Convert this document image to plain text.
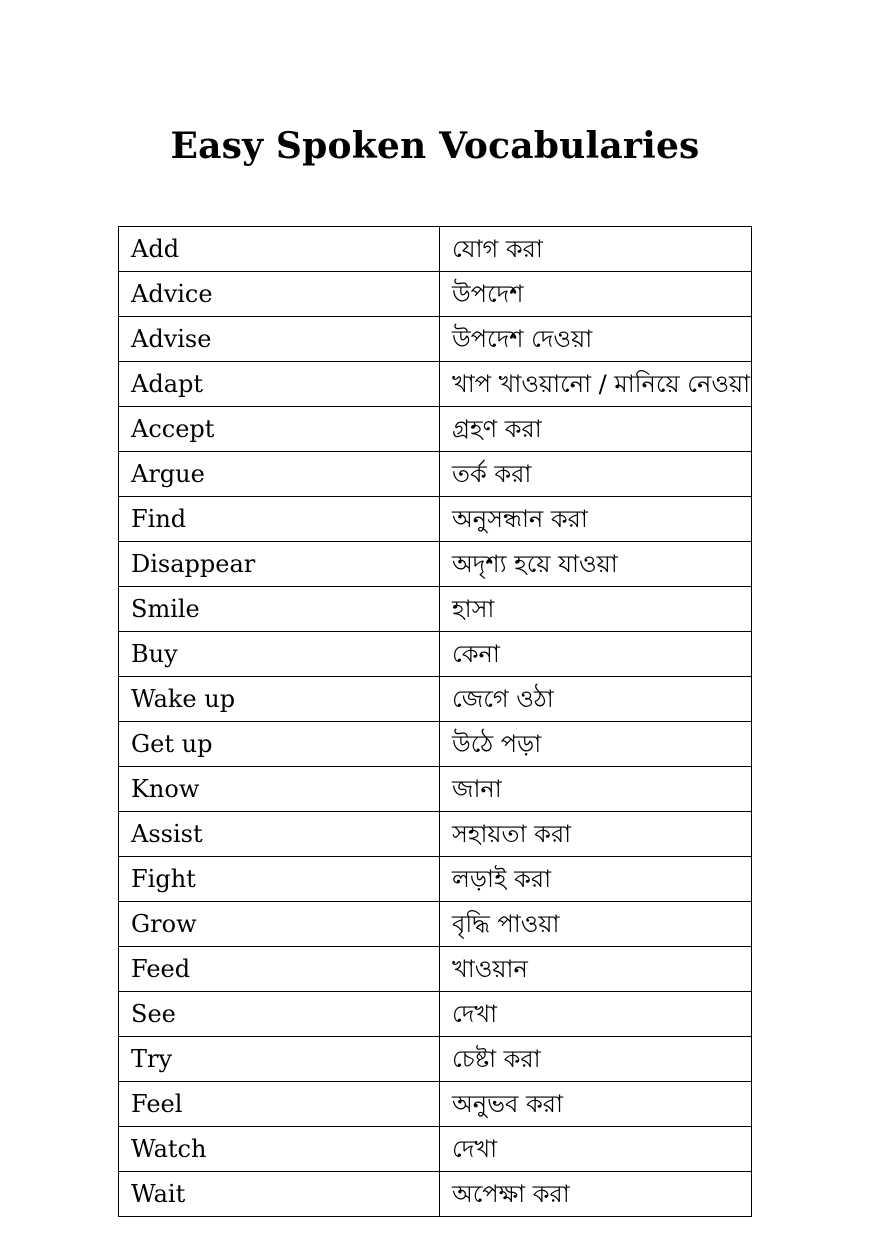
Easy Spoken Vocabularies
Add	যোগ করা
Advice	উপদেশ
Advise	উপদেশ দেওয়া
Adapt	খাপ খাওয়ানো / মানিয়ে নেওয়া
Accept	গ্রহণ করা
Argue	তর্ক করা
Find	অনুসন্ধান করা
Disappear	অদৃশ্য হয়ে যাওয়া
Smile	হাসা
Buy	কেনা
Wake up	জেগে ওঠা
Get up	উঠে পড়া
Know	জানা
Assist	সহায়তা করা
Fight	লড়াই করা
Grow	বৃদ্ধি পাওয়া
Feed	খাওয়ান
See	দেখা
Try	চেষ্টা করা
Feel	অনুভব করা
Watch	দেখা
Wait	অপেক্ষা করা
